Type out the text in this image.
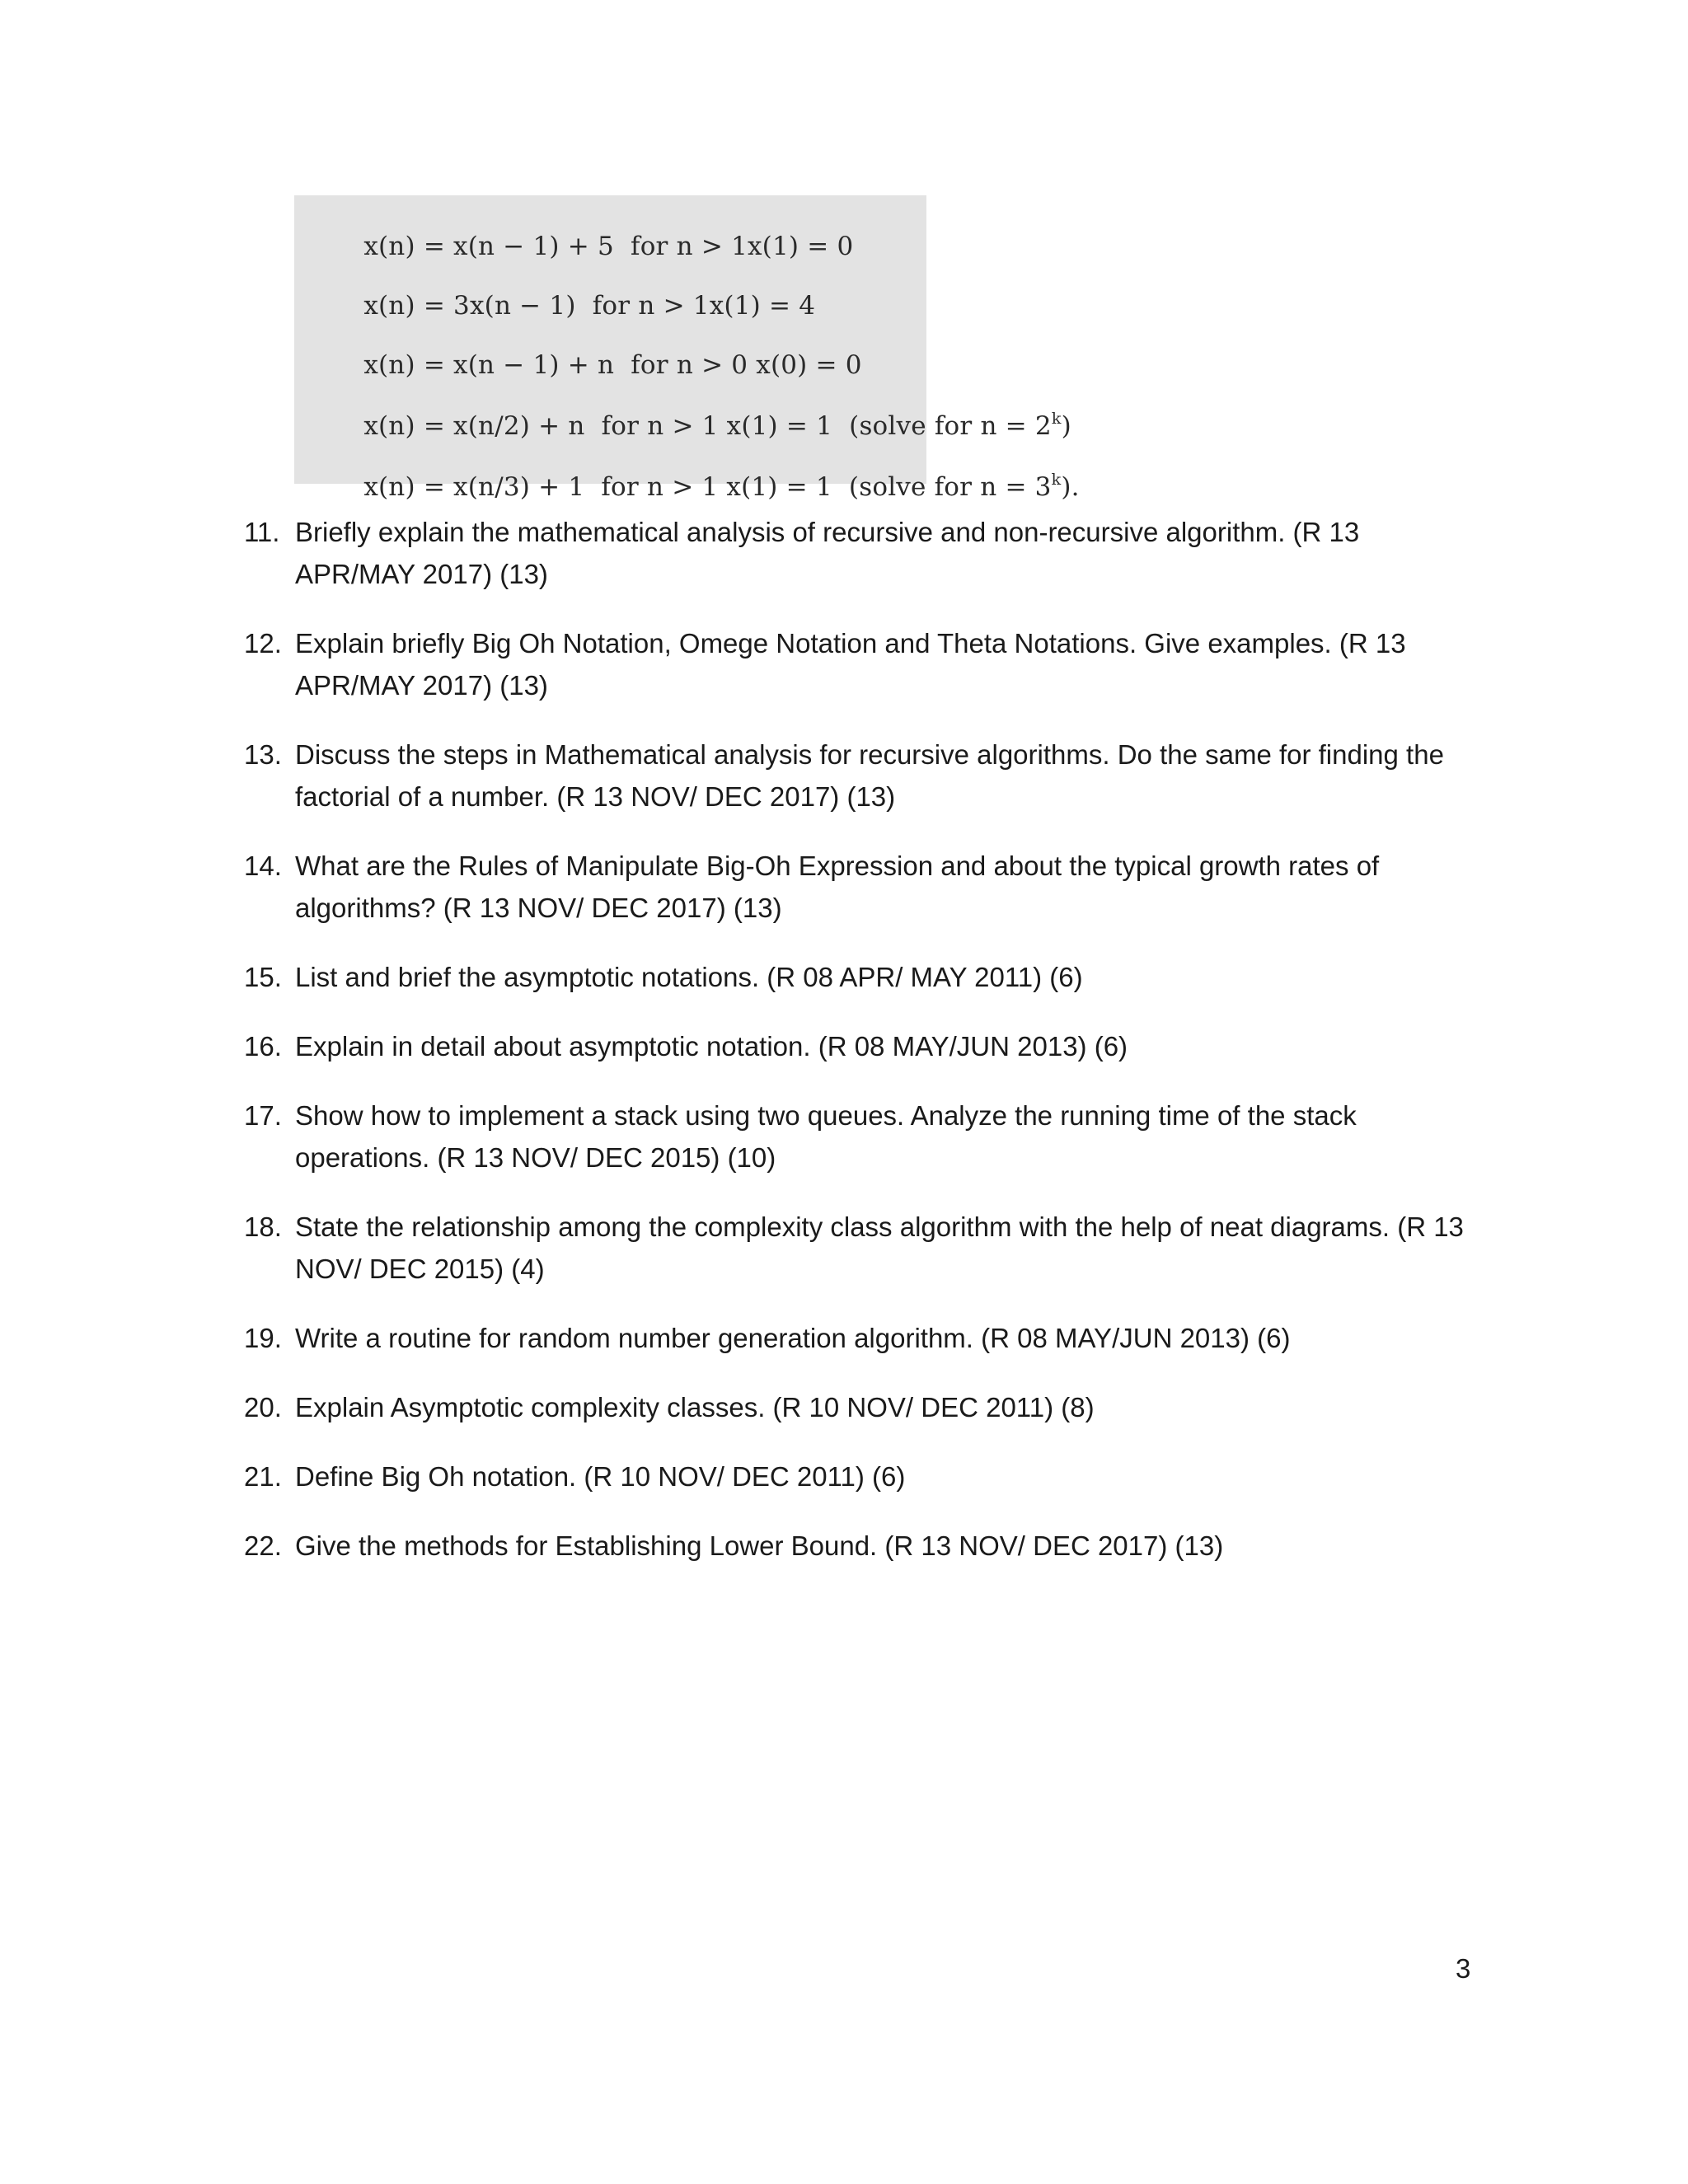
x(n) = x(n − 1) + 5 for n > 1x(1) = 0

x(n) = 3x(n − 1) for n > 1x(1) = 4

x(n) = x(n − 1) + n for n > 0 x(0) = 0

x(n) = x(n/2) + n for n > 1 x(1) = 1 (solve for $n = 2^k$)

x(n) = x(n/3) + 1 for n > 1 x(1) = 1 (solve for $n = 3^k$).

11. Briefly explain the mathematical analysis of recursive and non-recursive algorithm. (R 13 APR/MAY 2017) (13)
12. Explain briefly Big Oh Notation, Omege Notation and Theta Notations. Give examples. (R 13 APR/MAY 2017) (13)
13. Discuss the steps in Mathematical analysis for recursive algorithms. Do the same for finding the factorial of a number. (R 13 NOV/ DEC 2017) (13)
14. What are the Rules of Manipulate Big-Oh Expression and about the typical growth rates of algorithms? (R 13 NOV/ DEC 2017) (13)
15. List and brief the asymptotic notations. (R 08 APR/ MAY 2011) (6)
16. Explain in detail about asymptotic notation. (R 08 MAY/JUN 2013) (6)
17. Show how to implement a stack using two queues. Analyze the running time of the stack operations. (R 13 NOV/ DEC 2015) (10)
18. State the relationship among the complexity class algorithm with the help of neat diagrams. (R 13 NOV/ DEC 2015) (4)
19. Write a routine for random number generation algorithm. (R 08 MAY/JUN 2013) (6)
20. Explain Asymptotic complexity classes. (R 10 NOV/ DEC 2011) (8)
21. Define Big Oh notation. (R 10 NOV/ DEC 2011) (6)
22. Give the methods for Establishing Lower Bound. (R 13 NOV/ DEC 2017) (13)
3
